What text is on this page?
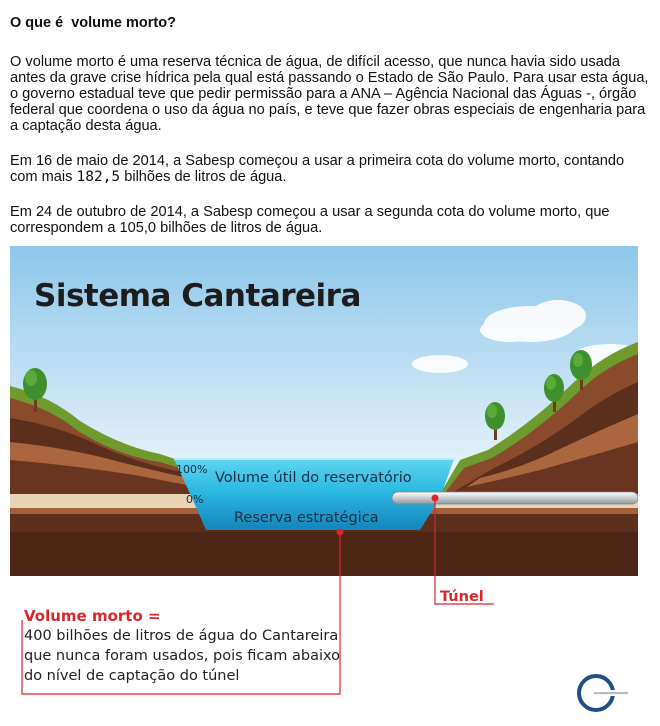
O que é  volume morto?

O volume morto é uma reserva técnica de água, de difícil acesso, que nunca havia sido usada antes da grave crise hídrica pela qual está passando o Estado de São Paulo. Para usar esta água, o governo estadual teve que pedir permissão para a ANA – Agência Nacional das Águas -, órgão federal que coordena o uso da água no país, e teve que fazer obras especiais de engenharia para a captação desta água.

Em 16 de maio de 2014, a Sabesp começou a usar a primeira cota do volume morto, contando com mais 182,5 bilhões de litros de água.

Em 24 de outubro de 2014, a Sabesp começou a usar a segunda cota do volume morto, que correspondem a 105,0 bilhões de litros de água.

Sistema Cantareira
100%
0%
Volume útil do reservatório
Reserva estratégica
Túnel
Volume morto =
400 bilhões de litros de água do Cantareira que nunca foram usados, pois ficam abaixo do nível de captação do túnel
